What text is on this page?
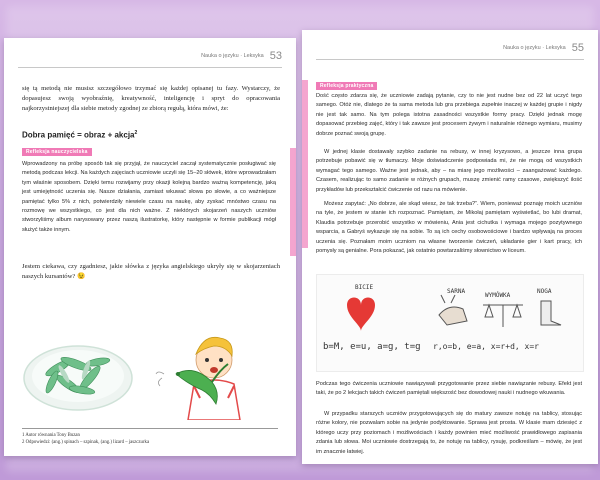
Nauka o języku · Leksyka 53
się tą metodą nie musisz szczegółowo trzymać się każdej opisanej tu fazy. Wystarczy, że dopasujesz swoją wyobraźnię, kreatywność, inteligencję i spryt do opracowania najkorzystniejszej dla siebie metody zgodnej ze zbiorą regułą, która mówi, że:
Dobra pamięć = obraz + akcja$^2$
Refleksja nauczycielska
Wprowadzony na próbę sposób tak się przyjął, że nauczyciel zaczął systematycznie posługiwać się metodą podczas lekcji. Na każdych zajęciach uczniowie uczyli się 15–20 słówek, które wprowadzałam tym właśnie sposobem. Dzięki temu rozwijamy przy okazji kolejną bardzo ważną kompetencję, jaką jest umiejętność uczenia się. Nasze działania, zamiast wkuwać słowa po słowie, a co ważniejsze pamiętać tylko 5% z nich, potwierdziły niewiele czasu na naukę, aby zyskać mnóstwo czasu na rozmowę we wszystkiego, co jest dla nich ważne. Z niektórych skojarzeń naszych uczniów stworzyliśmy album narysowany przez naszą ilustratorkę, który następnie w formie publikacji mógł służyć także innym.
Jestem ciekawa, czy zgadniesz, jakie słówka z języka angielskiego ukryły się w skojarzeniach naszych kursantów? 😉
1 Autor równania Tony Buzan
2 Odpowiedzi: (ang.) spinach – szpinak, (ang.) lizard – jaszczurka
Nauka o języku · Leksyka 55
Refleksja praktyczna
Dość często zdarza się, że uczniowie zadają pytanie, czy to nie jest nudne bez od 22 lat uczyć tego samego. Otóż nie, dlatego że ta sama metoda lub gra przebiega zupełnie inaczej w każdej grupie i nigdy nie jest tak samo. Na tym polega istotna zasadności wszystkie formy pracy. Dzięki jednak mogę dopasować przebieg zajęć, który i tak zawsze jest procesem żywym i naturalnie różnego wymiaru, musimy dobrze poznać swoją grupę.
W jednej klasie dostawały szybko zadanie na rebusy, w innej kryzysowo, a jeszcze inna grupa potrzebuje pobawić się w tłumaczy. Moje doświadczenie podpowiada mi, że nie mogą od wszystkich wymagać tego samego. Ważne jest jednak, aby – na miarę jego możliwości – zaangażować każdego. Czasem, realizując to samo zadanie w różnych grupach, muszę zmienić ramy czasowe, zwiększyć ilość przykładów lub przekształcić ćwiczenie od razu na mówienie.
Możesz zapytać: „No dobrze, ale skąd wiesz, że tak trzeba?”. Wiem, ponieważ poznaję moich uczniów na tyle, że jestem w stanie ich rozpoznać. Pamiętam, że Mikołaj pamiętam wyświetlać, bo lubi dramat, Klaudia potrzebuje przerobić wszystko w mówieniu, Ania jest cichutka i wymaga mojego pozytywnego wsparcia, a Gabryś wykazuje się na sobie. To są ich cechy osobowościowe i bardzo wpływają na proces uczenia się. Poznałam moim uczniom na własne tworzenie ćwiczeń, układanie gier i kart pracy, ich pomysły są genialne. Pora pokazać, jak ostatnio powtarzaliśmy słownictwo w liceum.
BICIE
b=M, e=u, a=g, t=g
SARNA
WYMÓWKA
NOGA
r,o=b, e=a, x=r+d, x=r
Podczas tego ćwiczenia uczniowie nawiązywali przygotowanie przez siebie nawiązanie rebusy. Efekt jest taki, że po 2 lekcjach takich ćwiczeń pamiętali większość bez dowodowej nauki i nudnego wkuwania.
W przypadku starszych uczniów przygotowujących się do matury zawsze notuję na tablicy, stosując różne kolory, nie pozwalam sobie na jedynie podyktowanie. Sprawa jest prosta. W klasie mam dziesięć z którego uczy przy poziomach i możliwościach i każdy powinien mieć możliwość prawidłowego zapisania zdania lub słowa. Moi uczniowie dostrzegają to, że notuję na tablicy, rysuję, podkreślam – mówię, że jest im znacznie łatwiej.
